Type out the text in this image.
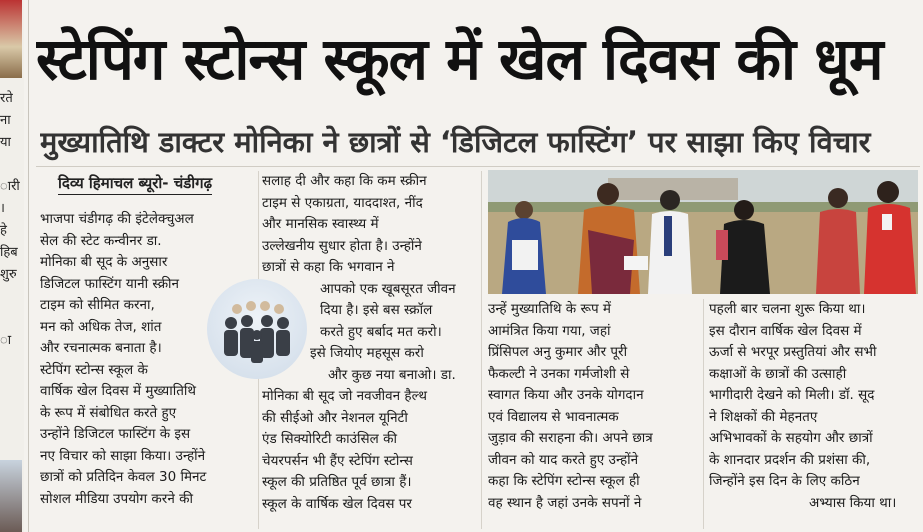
रते
ना
या

ारी
।
हे
हिब
शुरु

ा
स्टेपिंग स्टोन्स स्कूल में खेल दिवस की धूम
मुख्यातिथि डाक्टर मोनिका ने छात्रों से ‘डिजिटल फास्टिंग’ पर साझा किए विचार
दिव्य हिमाचल ब्यूरो- चंडीगढ़

भाजपा चंडीगढ़ की इंटेलेक्चुअल

सेल की स्टेट कन्वीनर डा.

मोनिका बी सूद के अनुसार

डिजिटल फास्टिंग यानी स्क्रीन

टाइम को सीमित करना,

मन को अधिक तेज, शांत

और रचनात्मक बनाता है।

स्टेपिंग स्टोन्स स्कूल के

वार्षिक खेल दिवस में मुख्यातिथि

के रूप में संबोधित करते हुए

उन्होंने डिजिटल फास्टिंग के इस

नए विचार को साझा किया। उन्होंने

छात्रों को प्रतिदिन केवल 30 मिनट

सोशल मीडिया उपयोग करने की

सलाह दी और कहा कि कम स्क्रीन

टाइम से एकाग्रता, याददाश्त, नींद

और मानसिक स्वास्थ्य में

उल्लेखनीय सुधार होता है। उन्होंने

छात्रों से कहा कि भगवान ने

आपको एक खूबसूरत जीवन

दिया है। इसे बस स्क्रॉल

करते हुए बर्बाद मत करो।

इसे जियोए महसूस करो

और कुछ नया बनाओ। डा.

मोनिका बी सूद जो नवजीवन हैल्थ

की सीईओ और नेशनल यूनिटी

एंड सिक्योरिटी काउंसिल की

चेयरपर्सन भी हैंए स्टेपिंग स्टोन्स

स्कूल की प्रतिष्ठित पूर्व छात्रा हैं।

स्कूल के वार्षिक खेल दिवस पर

उन्हें मुख्यातिथि के रूप में

आमंत्रित किया गया, जहां

प्रिंसिपल अनु कुमार और पूरी

फैकल्टी ने उनका गर्मजोशी से

स्वागत किया और उनके योगदान

एवं विद्यालय से भावनात्मक

जुड़ाव की सराहना की। अपने छात्र

जीवन को याद करते हुए उन्होंने

कहा कि स्टेपिंग स्टोन्स स्कूल ही

वह स्थान है जहां उनके सपनों ने

पहली बार चलना शुरू किया था।

इस दौरान वार्षिक खेल दिवस में

ऊर्जा से भरपूर प्रस्तुतियां और सभी

कक्षाओं के छात्रों की उत्साही

भागीदारी देखने को मिली। डॉ. सूद

ने शिक्षकों की मेहनतए

अभिभावकों के सहयोग और छात्रों

के शानदार प्रदर्शन की प्रशंसा की,

जिन्होंने इस दिन के लिए कठिन

अभ्यास किया था।
